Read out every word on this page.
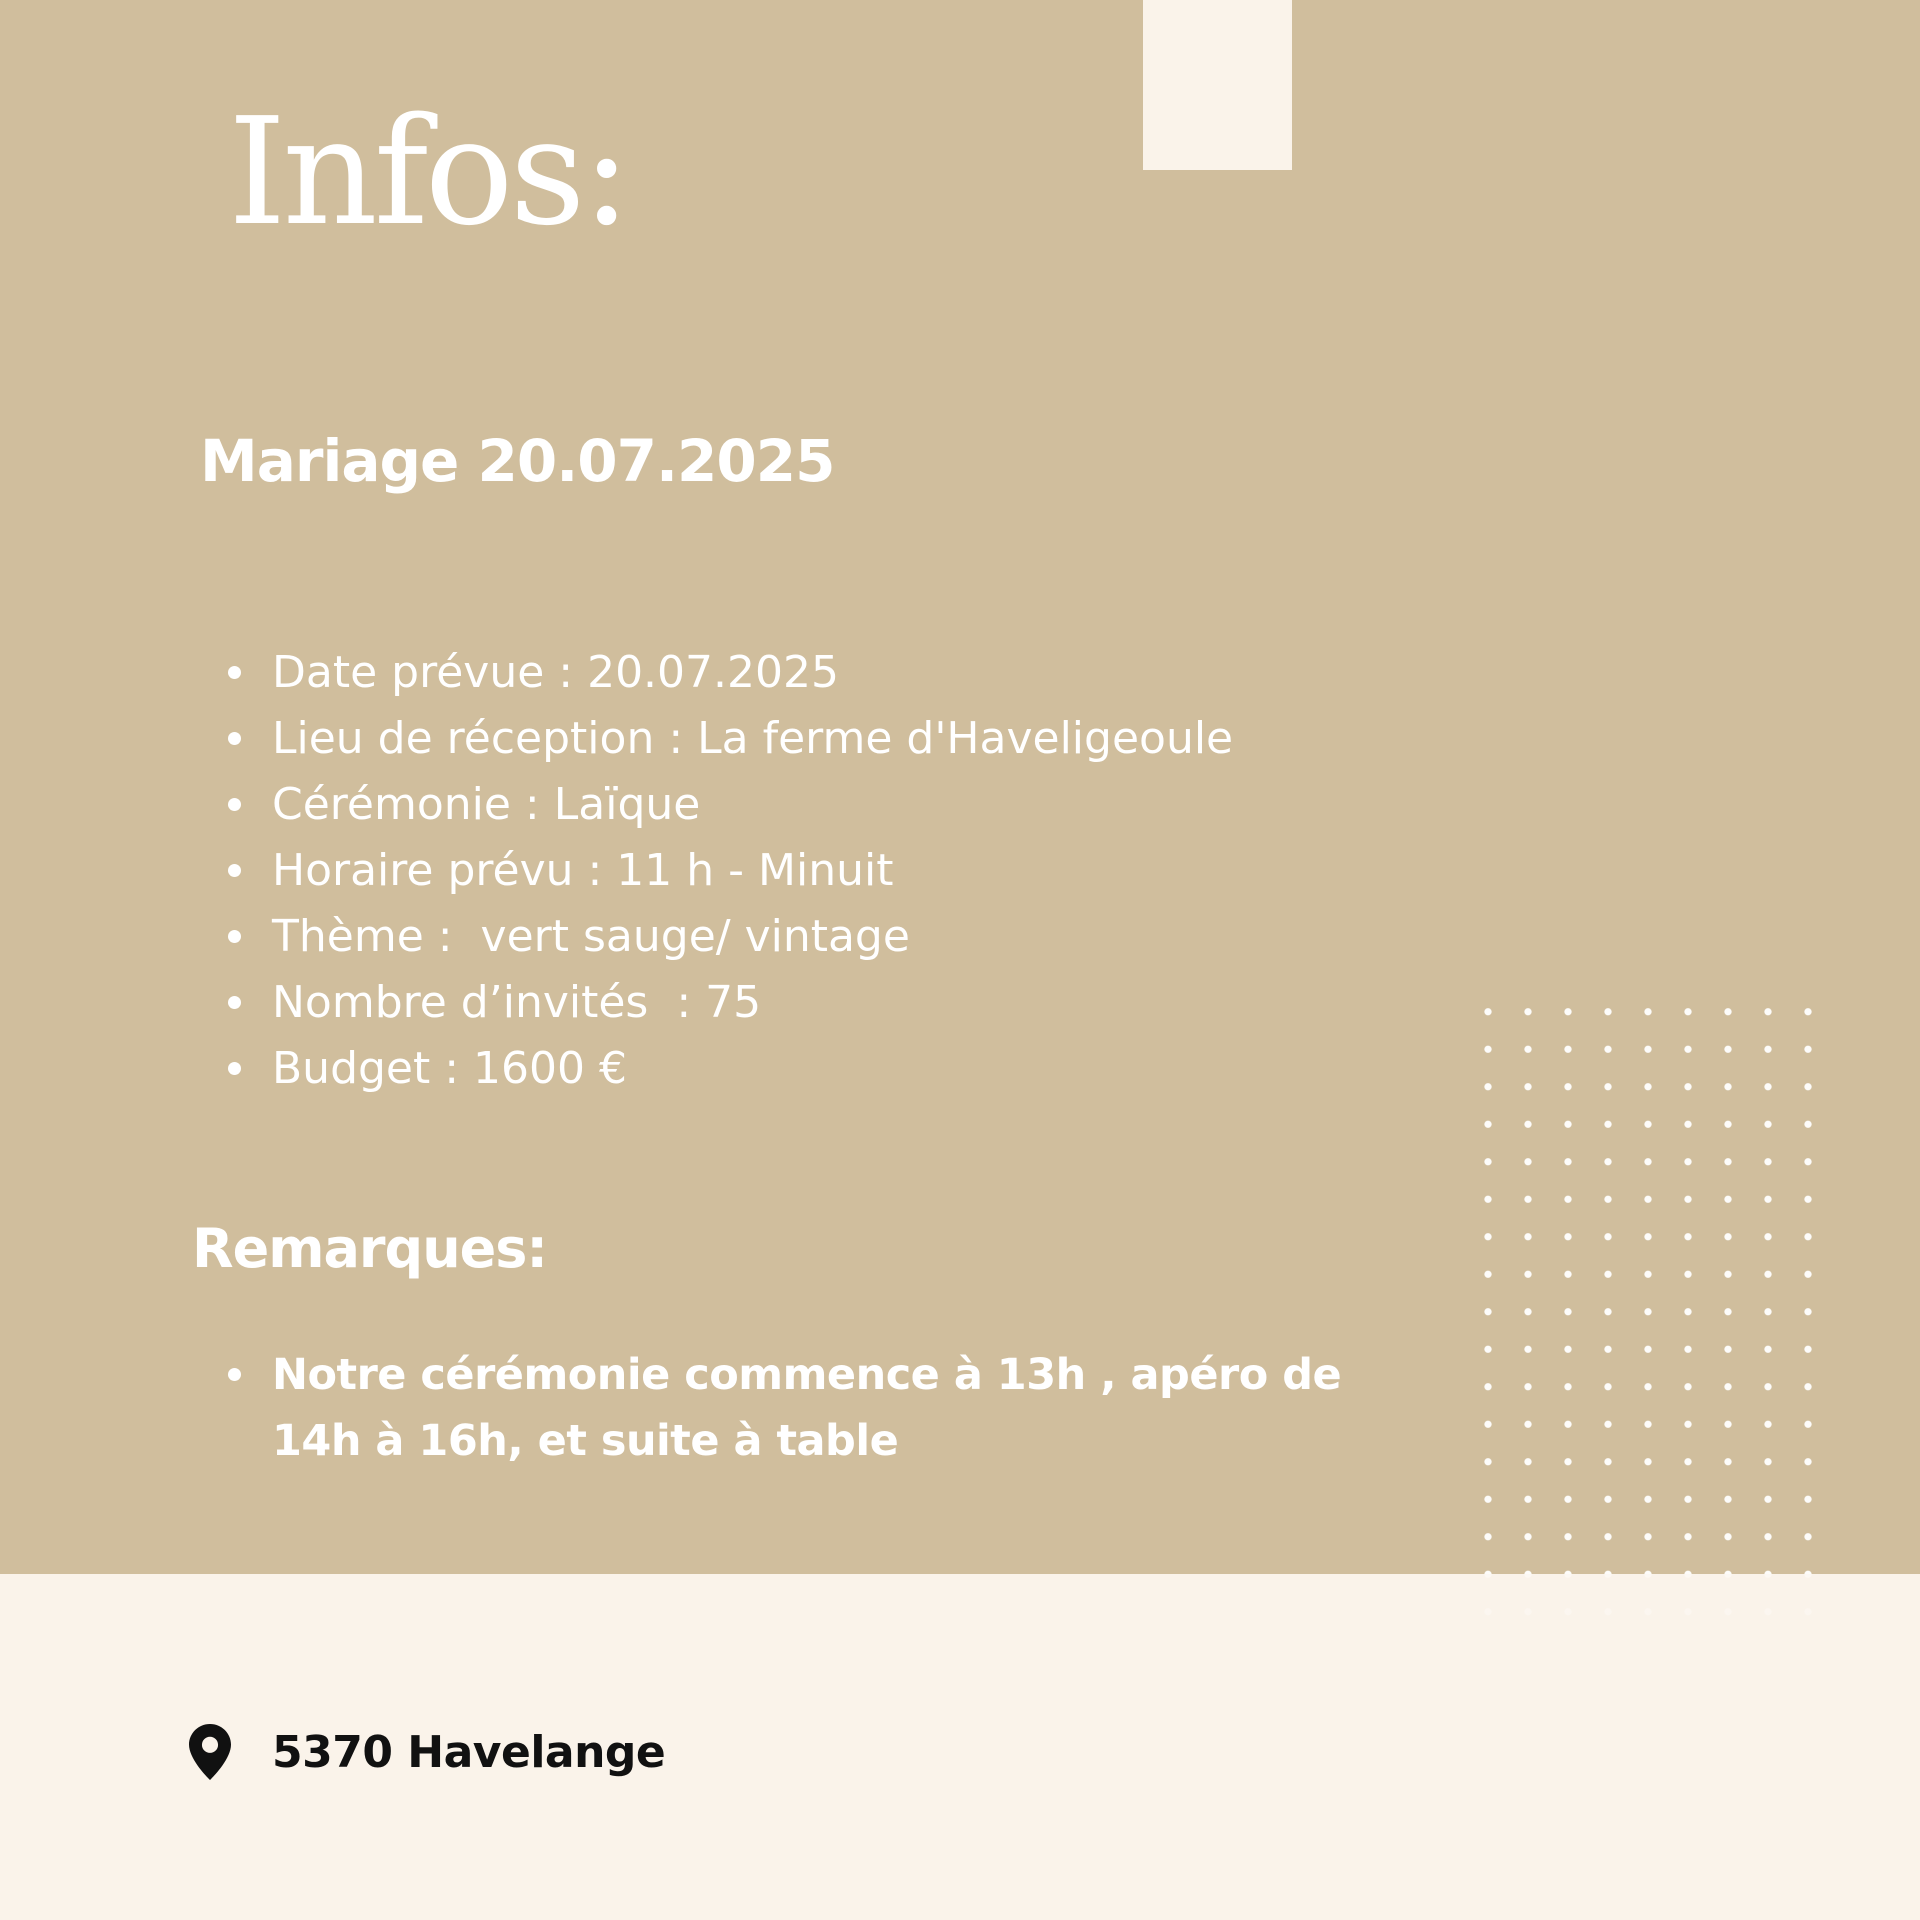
Infos:
Mariage 20.07.2025
Date prévue : 20.07.2025
Lieu de réception : La ferme d'Haveligeoule
Cérémonie : Laïque
Horaire prévu : 11 h - Minuit
Thème :  vert sauge/ vintage
Nombre d’invités  : 75
Budget : 1600 €
Remarques:
Notre cérémonie commence à 13h , apéro de 14h à 16h, et suite à table
5370 Havelange
